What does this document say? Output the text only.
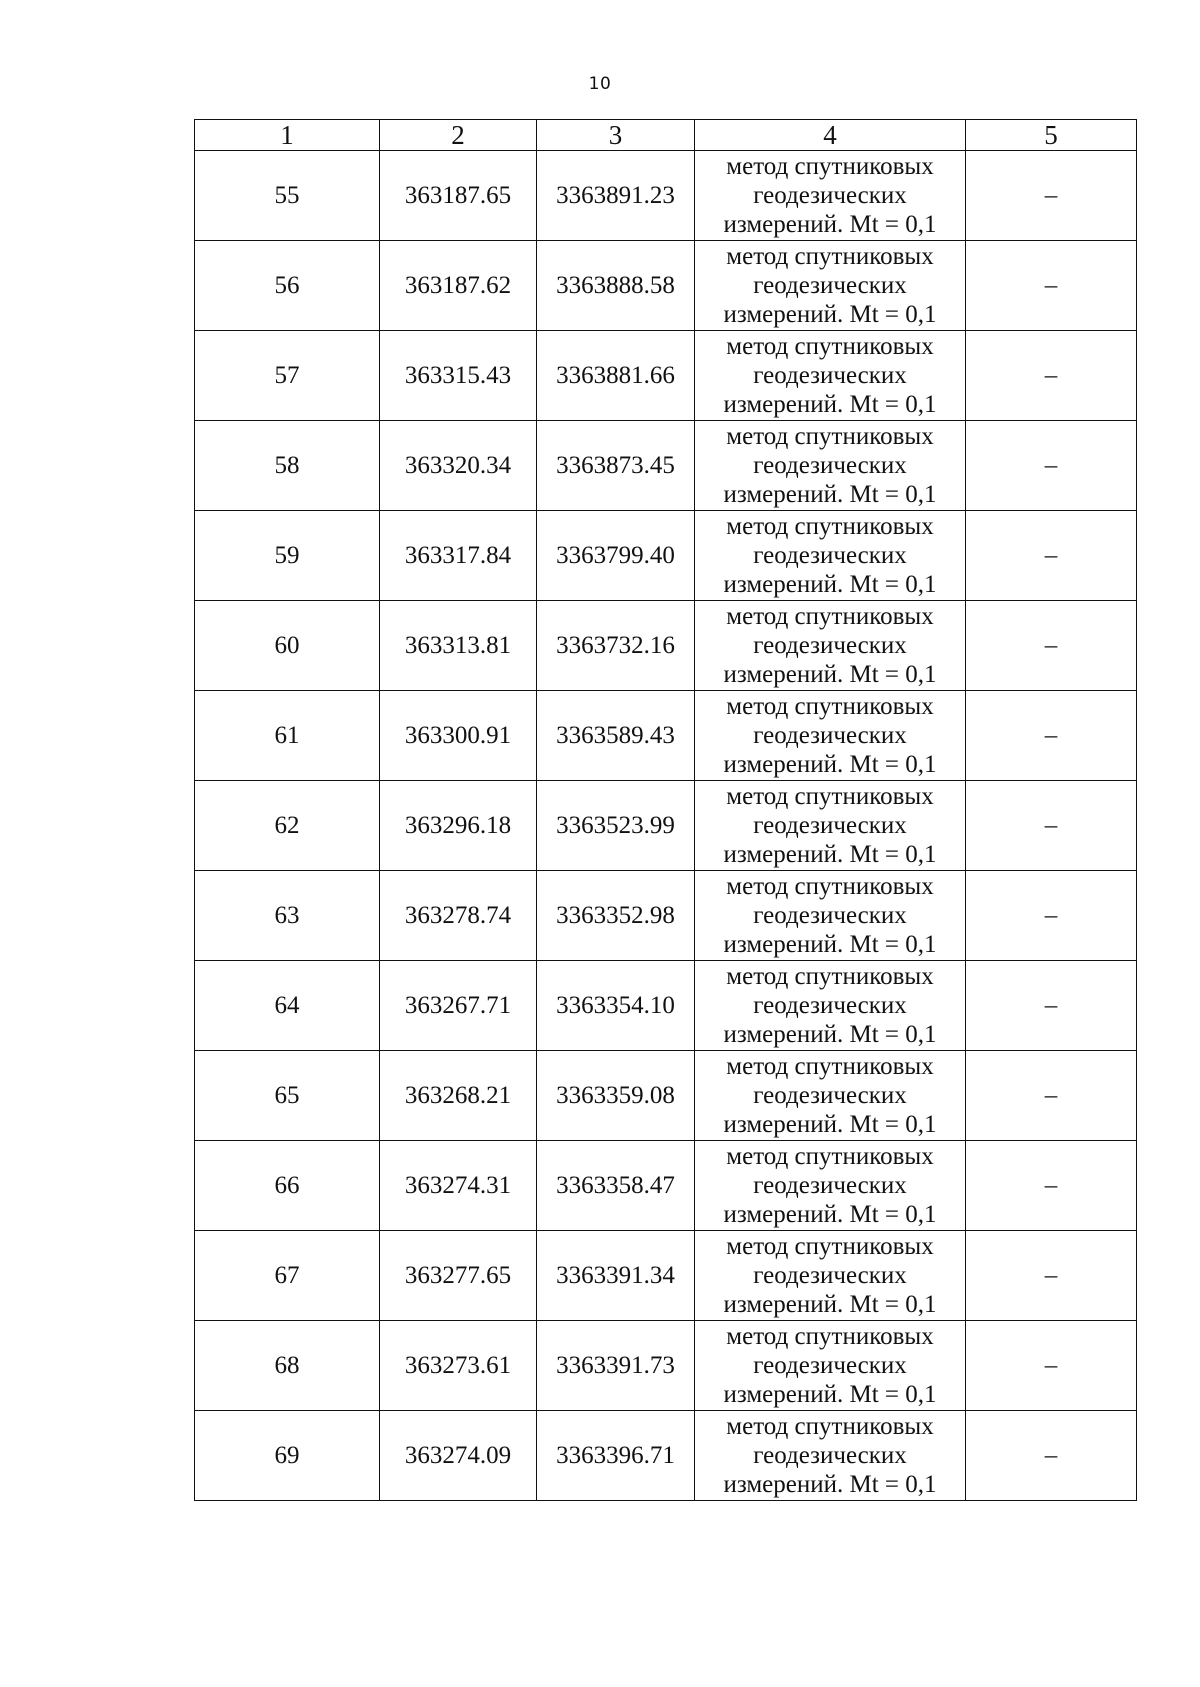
10
1	2	3	4	5
55	363187.65	3363891.23	метод спутниковых
геодезических
измерений. Mt = 0,1	–
56	363187.62	3363888.58	метод спутниковых
геодезических
измерений. Mt = 0,1	–
57	363315.43	3363881.66	метод спутниковых
геодезических
измерений. Mt = 0,1	–
58	363320.34	3363873.45	метод спутниковых
геодезических
измерений. Mt = 0,1	–
59	363317.84	3363799.40	метод спутниковых
геодезических
измерений. Mt = 0,1	–
60	363313.81	3363732.16	метод спутниковых
геодезических
измерений. Mt = 0,1	–
61	363300.91	3363589.43	метод спутниковых
геодезических
измерений. Mt = 0,1	–
62	363296.18	3363523.99	метод спутниковых
геодезических
измерений. Mt = 0,1	–
63	363278.74	3363352.98	метод спутниковых
геодезических
измерений. Mt = 0,1	–
64	363267.71	3363354.10	метод спутниковых
геодезических
измерений. Mt = 0,1	–
65	363268.21	3363359.08	метод спутниковых
геодезических
измерений. Mt = 0,1	–
66	363274.31	3363358.47	метод спутниковых
геодезических
измерений. Mt = 0,1	–
67	363277.65	3363391.34	метод спутниковых
геодезических
измерений. Mt = 0,1	–
68	363273.61	3363391.73	метод спутниковых
геодезических
измерений. Mt = 0,1	–
69	363274.09	3363396.71	метод спутниковых
геодезических
измерений. Mt = 0,1	–
